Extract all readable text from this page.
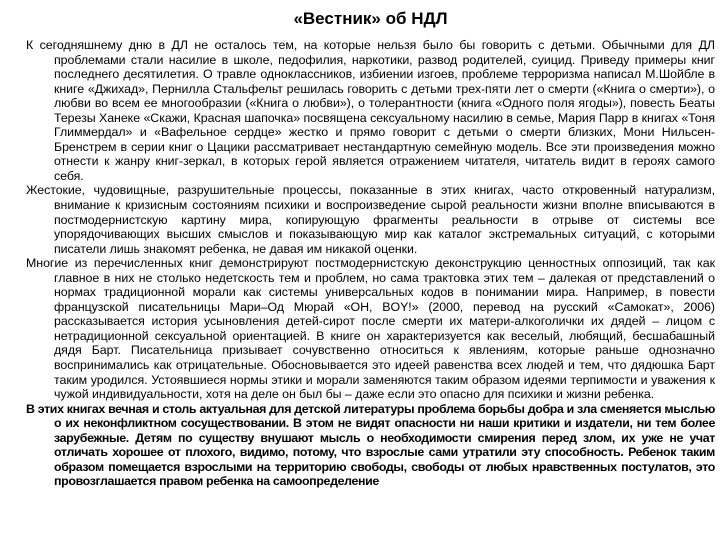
«Вестник» об НДЛ

К сегодняшнему дню в ДЛ не осталось тем, на которые нельзя было бы говорить с детьми. Обычными для ДЛ проблемами стали насилие в школе, педофилия, наркотики, развод родителей, суицид. Приведу примеры книг последнего десятилетия. О травле одноклассников, избиении изгоев, проблеме терроризма написал М.Шойбле в книге «Джихад», Пернилла Стальфельт решилась говорить с детьми трех-пяти лет о смерти («Книга о смерти»), о любви во всем ее многообразии («Книга о любви»), о толерантности (книга «Одного поля ягоды»), повесть Беаты Терезы Ханеке «Скажи, Красная шапочка» посвящена сексуальному насилию в семье, Мария Парр в книгах «Тоня Глиммердал» и «Вафельное сердце» жестко и прямо говорит с детьми о смерти близких, Мони Нильсен-Бренстрем в серии книг о Цацики рассматривает нестандартную семейную модель. Все эти произведения можно отнести к жанру книг-зеркал, в которых герой является отражением читателя, читатель видит в героях самого себя.

Жестокие, чудовищные, разрушительные процессы, показанные в этих книгах, часто откровенный натурализм, внимание к кризисным состояниям психики и воспроизведение сырой реальности жизни вполне вписываются в постмодернистскую картину мира, копирующую фрагменты реальности в отрыве от системы все упорядочивающих высших смыслов и показывающую мир как каталог экстремальных ситуаций, с которыми писатели лишь знакомят ребенка, не давая им никакой оценки.

Многие из перечисленных книг демонстрируют постмодернистскую деконструкцию ценностных оппозиций, так как главное в них не столько недетскость тем и проблем, но сама трактовка этих тем – далекая от представлений о нормах традиционной морали как системы универсальных кодов в понимании мира. Например, в повести французской писательницы Мари–Од Мюрай «ОН, BOY!» (2000, перевод на русский «Самокат», 2006) рассказывается история усыновления детей-сирот после смерти их матери-алкоголички их дядей – лицом с нетрадиционной сексуальной ориентацией. В книге он характеризуется как веселый, любящий, бесшабашный дядя Барт. Писательница призывает сочувственно относиться к явлениям, которые раньше однозначно воспринимались как отрицательные. Обосновывается это идеей равенства всех людей и тем, что дядюшка Барт таким уродился. Устоявшиеся нормы этики и морали заменяются таким образом идеями терпимости и уважения к чужой индивидуальности, хотя на деле он был бы – даже если это опасно для психики и жизни ребенка.

В этих книгах вечная и столь актуальная для детской литературы проблема борьбы добра и зла сменяется мыслью о их неконфликтном сосуществовании. В этом не видят опасности ни наши критики и издатели, ни тем более зарубежные. Детям по существу внушают мысль о необходимости смирения перед злом, их уже не учат отличать хорошее от плохого, видимо, потому, что взрослые сами утратили эту способность. Ребенок таким образом помещается взрослыми на территорию свободы, свободы от любых нравственных постулатов, это провозглашается правом ребенка на самоопределение
